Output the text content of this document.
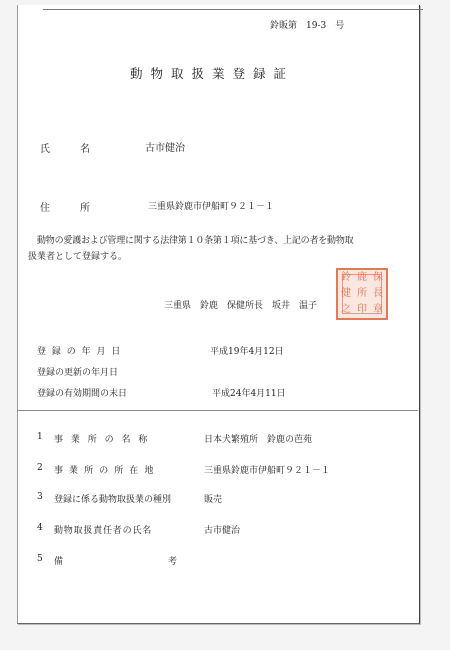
鈴販第　19-3　号
動物取扱業登録証
氏　　　名	古市健治
住　　　所	三重県鈴鹿市伊船町９２１－１
動物の愛護および管理に関する法律第１０条第１項に基づき、上記の者を動物取
扱業者として登録する。
三重県　鈴鹿　保健所長　坂井　温子
鈴 鹿 保
健 所 長
之 印 章
登 録 の 年 月 日	平成19年4月12日
登録の更新の年月日
登録の有効期間の末日	平成24年4月11日
1 事 業 所 の 名 称	日本犬繁殖所　鈴鹿の芭苑
2 事 業 所 の 所 在 地	三重県鈴鹿市伊船町９２１－１
3 登録に係る動物取扱業の種別	販売
4 動物取扱責任者の氏名	古市健治
5 備　　　　　考
